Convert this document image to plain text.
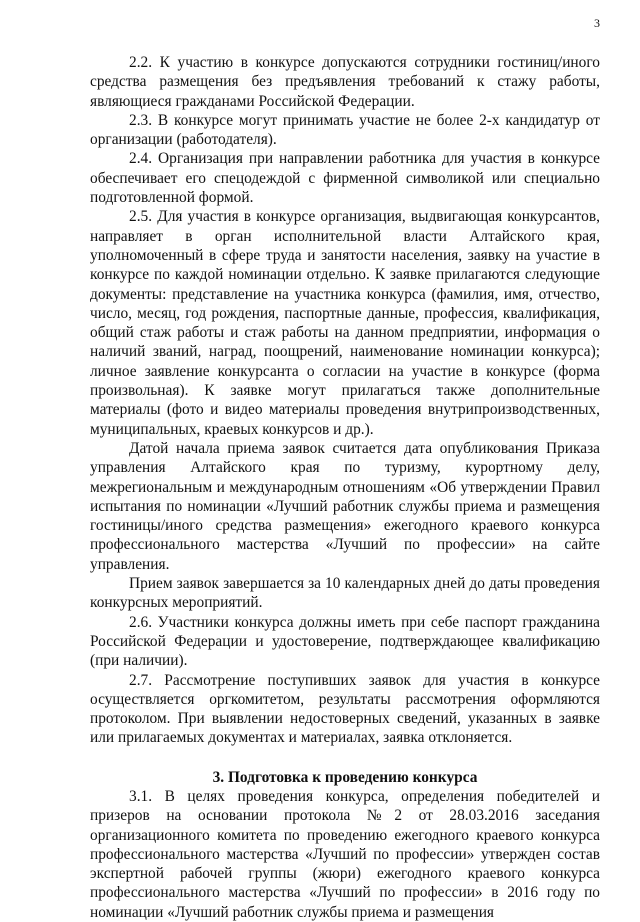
3

2.2. К участию в конкурсе допускаются сотрудники гостиниц/иного средства размещения без предъявления требований к стажу работы, являющиеся гражданами Российской Федерации.

2.3. В конкурсе могут принимать участие не более 2-х кандидатур от организации (работодателя).

2.4. Организация при направлении работника для участия в конкурсе обеспечивает его спецодеждой с фирменной символикой или специально подготовленной формой.

2.5. Для участия в конкурсе организация, выдвигающая конкурсантов, направляет в орган исполнительной власти Алтайского края, уполномоченный в сфере труда и занятости населения, заявку на участие в конкурсе по каждой номинации отдельно. К заявке прилагаются следующие документы: представление на участника конкурса (фамилия, имя, отчество, число, месяц, год рождения, паспортные данные, профессия, квалификация, общий стаж работы и стаж работы на данном предприятии, информация о наличий званий, наград, поощрений, наименование номинации конкурса); личное заявление конкурсанта о согласии на участие в конкурсе (форма произвольная). К заявке могут прилагаться также дополнительные материалы (фото и видео материалы проведения внутрипроизводственных, муниципальных, краевых конкурсов и др.).

Датой начала приема заявок считается дата опубликования Приказа управления Алтайского края по туризму, курортному делу, межрегиональным и международным отношениям «Об утверждении Правил испытания по номинации «Лучший работник службы приема и размещения гостиницы/иного средства размещения» ежегодного краевого конкурса профессионального мастерства «Лучший по профессии» на сайте управления.

Прием заявок завершается за 10 календарных дней до даты проведения конкурсных мероприятий.

2.6. Участники конкурса должны иметь при себе паспорт гражданина Российской Федерации и удостоверение, подтверждающее квалификацию (при наличии).

2.7. Рассмотрение поступивших заявок для участия в конкурсе осуществляется оргкомитетом, результаты рассмотрения оформляются протоколом. При выявлении недостоверных сведений, указанных в заявке или прилагаемых документах и материалах, заявка отклоняется.

3. Подготовка к проведению конкурса

3.1. В целях проведения конкурса, определения победителей и призеров на основании протокола №2 от 28.03.2016 заседания организационного комитета по проведению ежегодного краевого конкурса профессионального мастерства «Лучший по профессии» утвержден состав экспертной рабочей группы (жюри) ежегодного краевого конкурса профессионального мастерства «Лучший по профессии» в 2016 году по номинации «Лучший работник службы приема и размещения
